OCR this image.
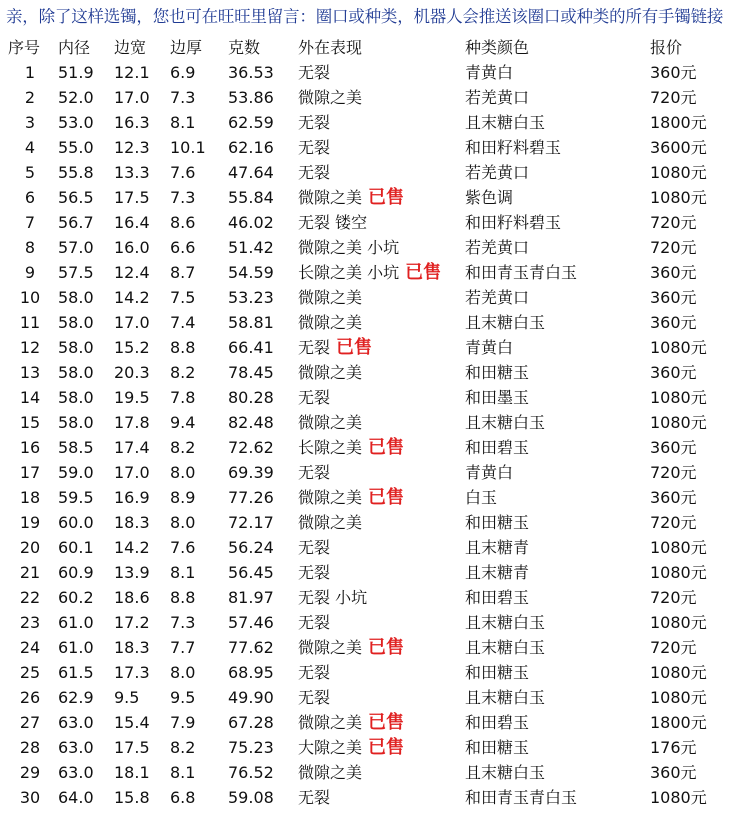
亲，除了这样选镯，您也可在旺旺里留言：圈口或种类，机器人会推送该圈口或种类的所有手镯链接
序号	内径	边宽	边厚	克数	外在表现	种类颜色	报价
1	51.9	12.1	6.9	36.53	无裂	青黄白	360元
2	52.0	17.0	7.3	53.86	微隙之美	若羌黄口	720元
3	53.0	16.3	8.1	62.59	无裂	且末糖白玉	1800元
4	55.0	12.3	10.1	62.16	无裂	和田籽料碧玉	3600元
5	55.8	13.3	7.6	47.64	无裂	若羌黄口	1080元
6	56.5	17.5	7.3	55.84	微隙之美 已售	紫色调	1080元
7	56.7	16.4	8.6	46.02	无裂 镂空	和田籽料碧玉	720元
8	57.0	16.0	6.6	51.42	微隙之美 小坑	若羌黄口	720元
9	57.5	12.4	8.7	54.59	长隙之美 小坑 已售	和田青玉青白玉	360元
10	58.0	14.2	7.5	53.23	微隙之美	若羌黄口	360元
11	58.0	17.0	7.4	58.81	微隙之美	且末糖白玉	360元
12	58.0	15.2	8.8	66.41	无裂 已售	青黄白	1080元
13	58.0	20.3	8.2	78.45	微隙之美	和田糖玉	360元
14	58.0	19.5	7.8	80.28	无裂	和田墨玉	1080元
15	58.0	17.8	9.4	82.48	微隙之美	且末糖白玉	1080元
16	58.5	17.4	8.2	72.62	长隙之美 已售	和田碧玉	360元
17	59.0	17.0	8.0	69.39	无裂	青黄白	720元
18	59.5	16.9	8.9	77.26	微隙之美 已售	白玉	360元
19	60.0	18.3	8.0	72.17	微隙之美	和田糖玉	720元
20	60.1	14.2	7.6	56.24	无裂	且末糖青	1080元
21	60.9	13.9	8.1	56.45	无裂	且末糖青	1080元
22	60.2	18.6	8.8	81.97	无裂 小坑	和田碧玉	720元
23	61.0	17.2	7.3	57.46	无裂	且末糖白玉	1080元
24	61.0	18.3	7.7	77.62	微隙之美 已售	且末糖白玉	720元
25	61.5	17.3	8.0	68.95	无裂	和田糖玉	1080元
26	62.9	9.5	9.5	49.90	无裂	且末糖白玉	1080元
27	63.0	15.4	7.9	67.28	微隙之美 已售	和田碧玉	1800元
28	63.0	17.5	8.2	75.23	大隙之美 已售	和田糖玉	176元
29	63.0	18.1	8.1	76.52	微隙之美	且末糖白玉	360元
30	64.0	15.8	6.8	59.08	无裂	和田青玉青白玉	1080元
